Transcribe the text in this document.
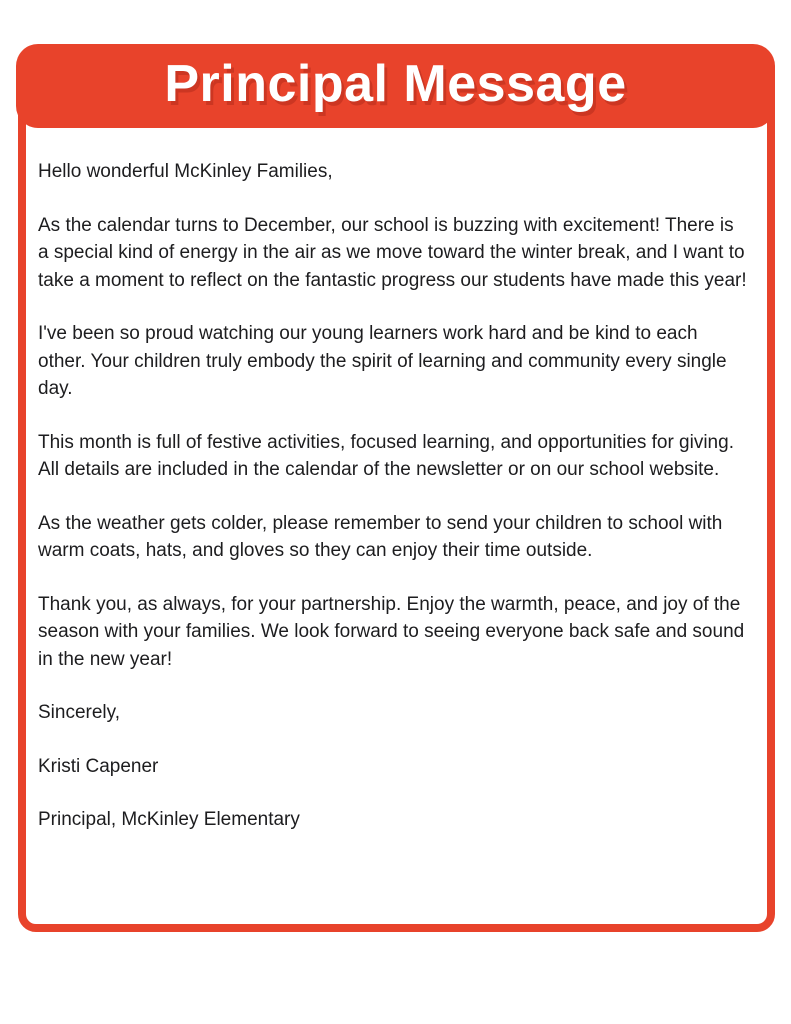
Principal Message

Hello wonderful McKinley Families,

As the calendar turns to December, our school is buzzing with excitement! There is a special kind of energy in the air as we move toward the winter break, and I want to take a moment to reflect on the fantastic progress our students have made this year!

I've been so proud watching our young learners work hard and be kind to each other. Your children truly embody the spirit of learning and community every single day.

This month is full of festive activities, focused learning, and opportunities for giving. All details are included in the calendar of the newsletter or on our school website.

As the weather gets colder, please remember to send your children to school with warm coats, hats, and gloves so they can enjoy their time outside.

Thank you, as always, for your partnership. Enjoy the warmth, peace, and joy of the season with your families. We look forward to seeing everyone back safe and sound in the new year!

Sincerely,

Kristi Capener

Principal, McKinley Elementary
